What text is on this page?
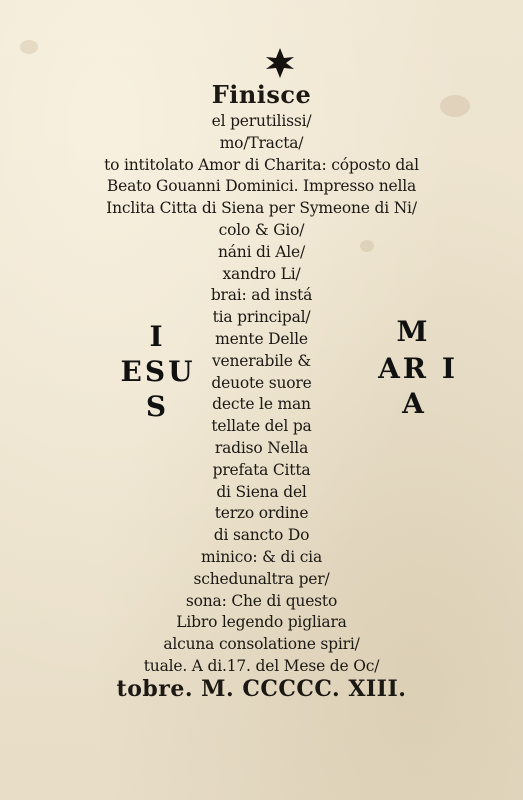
Finisce
el perutilissi/
mo/Tracta/
to intitolato Amor di Charita: cóposto dal
Beato Gouanni Dominici. Impresso nella
Inclita Citta di Siena per Symeone di Ni/
colo & Gio/
náni di Ale/
xandro Li/
brai: ad instá
tia principal/
mente Delle
venerabile &
deuote suore
decte le man
tellate del pa
radiso Nella
prefata Citta
di Siena del
terzo ordine
di sancto Do
minico: & di cia
schedunaltra per/
sona: Che di questo
Libro legendo pigliara
alcuna consolatione spiri/
tuale. A di.17. del Mese de Oc/
tobre. M. CCCCC. XIII.
I
ESU
S
M
AR I
A
